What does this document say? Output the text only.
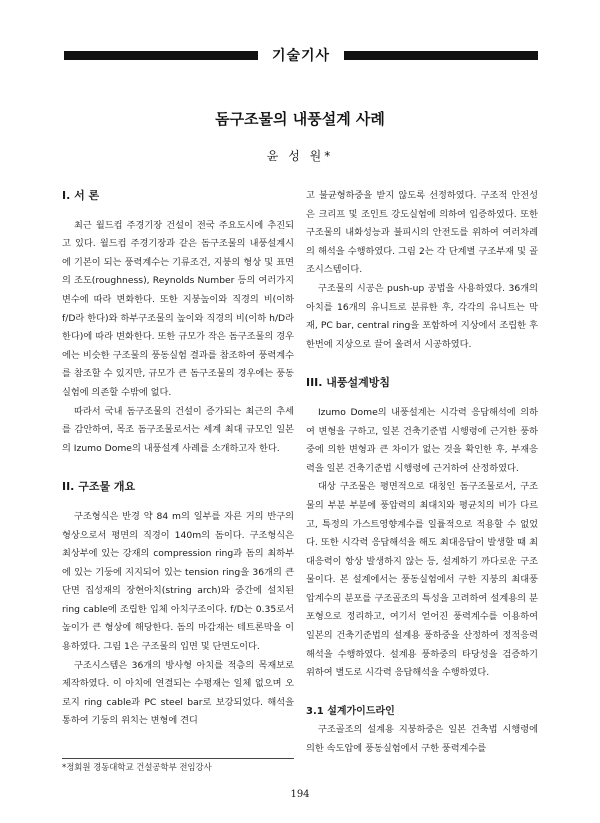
기술기사
돔구조물의 내풍설계 사례
윤 성 원*
I. 서 론

최근 월드컵 주경기장 건설이 전국 주요도시에 추진되고 있다. 월드컵 주경기장과 같은 돔구조물의 내풍설계시에 기본이 되는 풍력계수는 기류조건, 지붕의 형상 및 표면의 조도(roughness), Reynolds Number 등의 여러가지 변수에 따라 변화한다. 또한 지붕높이와 직경의 비(이하 f/D라 한다)와 하부구조물의 높이와 직경의 비(이하 h/D라 한다)에 따라 변화한다. 또한 규모가 작은 돔구조물의 경우에는 비슷한 구조물의 풍동실험 결과를 참조하여 풍력계수를 참조할 수 있지만, 규모가 큰 돔구조물의 경우에는 풍동실험에 의존할 수밖에 없다.

따라서 국내 돔구조물의 건설이 증가되는 최근의 추세를 감안하여, 목조 돔구조물로서는 세계 최대 규모인 일본의 Izumo Dome의 내풍설계 사례를 소개하고자 한다.

II. 구조물 개요

구조형식은 반경 약 84 m의 일부를 자른 거의 반구의 형상으로서 평면의 직경이 140m의 돔이다. 구조형식은 최상부에 있는 강재의 compression ring과 돔의 최하부에 있는 기둥에 지지되어 있는 tension ring을 36개의 큰 단면 집성재의 장현아치(string arch)와 중간에 설치된 ring cable에 조립한 입체 아치구조이다. f/D는 0.35로서 높이가 큰 형상에 해당한다. 돔의 마감재는 테트론막을 이용하였다. 그림 1은 구조물의 입면 및 단면도이다.

구조시스템은 36개의 방사형 아치를 적층의 목재보로 제작하였다. 이 아치에 연결되는 수평재는 일체 없으며 오로지 ring cable과 PC steel bar로 보강되었다. 해석을 통하여 기둥의 위치는 변형에 견디

고 불균형하중을 받지 않도록 선정하였다. 구조적 안전성은 크리프 및 조인트 강도실험에 의하여 입증하였다. 또한 구조물의 내화성능과 불피시의 안전도를 위하여 여러차례의 해석을 수행하였다. 그림 2는 각 단계별 구조부재 및 골조시스템이다.

구조물의 시공은 push-up 공법을 사용하였다. 36개의 아치를 16개의 유니트로 분류한 후, 각각의 유니트는 막재, PC bar, central ring을 포함하여 지상에서 조립한 후 한번에 지상으로 끌어 올려서 시공하였다.

III. 내풍설계방침

Izumo Dome의 내풍설계는 시각력 응답해석에 의하여 변형을 구하고, 일본 건축기준법 시행령에 근거한 풍하중에 의한 변형과 큰 차이가 없는 것을 확인한 후, 부재응력을 일본 건축기준법 시행령에 근거하여 산정하였다.

대상 구조물은 평면적으로 대칭인 돔구조물로서, 구조물의 부분 부분에 풍압력의 최대치와 평균치의 비가 다르고, 특정의 가스트영향계수를 일률적으로 적용할 수 없었다. 또한 시각력 응답해석을 해도 최대응답이 발생할 때 최대응력이 항상 발생하지 않는 등, 설계하기 까다로운 구조물이다. 본 설계에서는 풍동실험에서 구한 지붕의 최대풍압계수의 분포를 구조골조의 특성을 고려하여 설계용의 분포형으로 정리하고, 여기서 얻어진 풍력계수를 이용하여 일본의 건축기준법의 설계용 풍하중을 산정하여 정적응력해석을 수행하였다. 설계용 풍하중의 타당성을 검증하기 위하여 별도로 시각력 응답해석을 수행하였다.

3.1 설계가이드라인

구조골조의 설계용 지붕하중은 일본 건축법 시행령에 의한 속도압에 풍동실험에서 구한 풍력계수를

*정회원 경동대학교 건설공학부 전임강사
194
